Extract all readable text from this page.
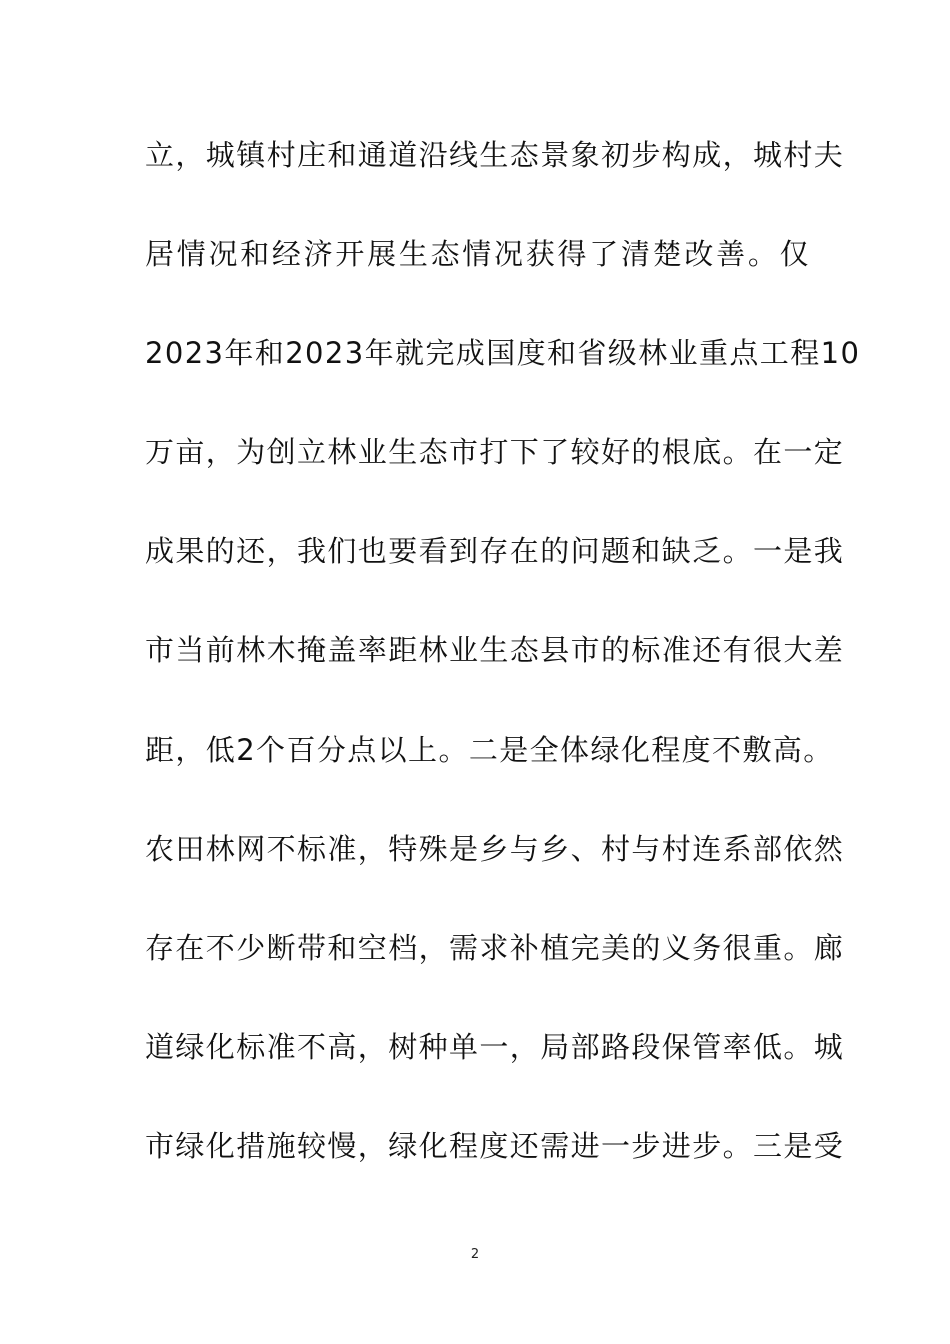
立，城镇村庄和通道沿线生态景象初步构成，城村夫
居情况和经济开展生态情况获得了清楚改善。仅
2023年和2023年就完成国度和省级林业重点工程10
万亩，为创立林业生态市打下了较好的根底。在一定
成果的还，我们也要看到存在的问题和缺乏。一是我
市当前林木掩盖率距林业生态县市的标准还有很大差
距，低2个百分点以上。二是全体绿化程度不敷高。
农田林网不标准，特殊是乡与乡、村与村连系部依然
存在不少断带和空档，需求补植完美的义务很重。廊
道绿化标准不高，树种单一，局部路段保管率低。城
市绿化措施较慢，绿化程度还需进一步进步。三是受
2
